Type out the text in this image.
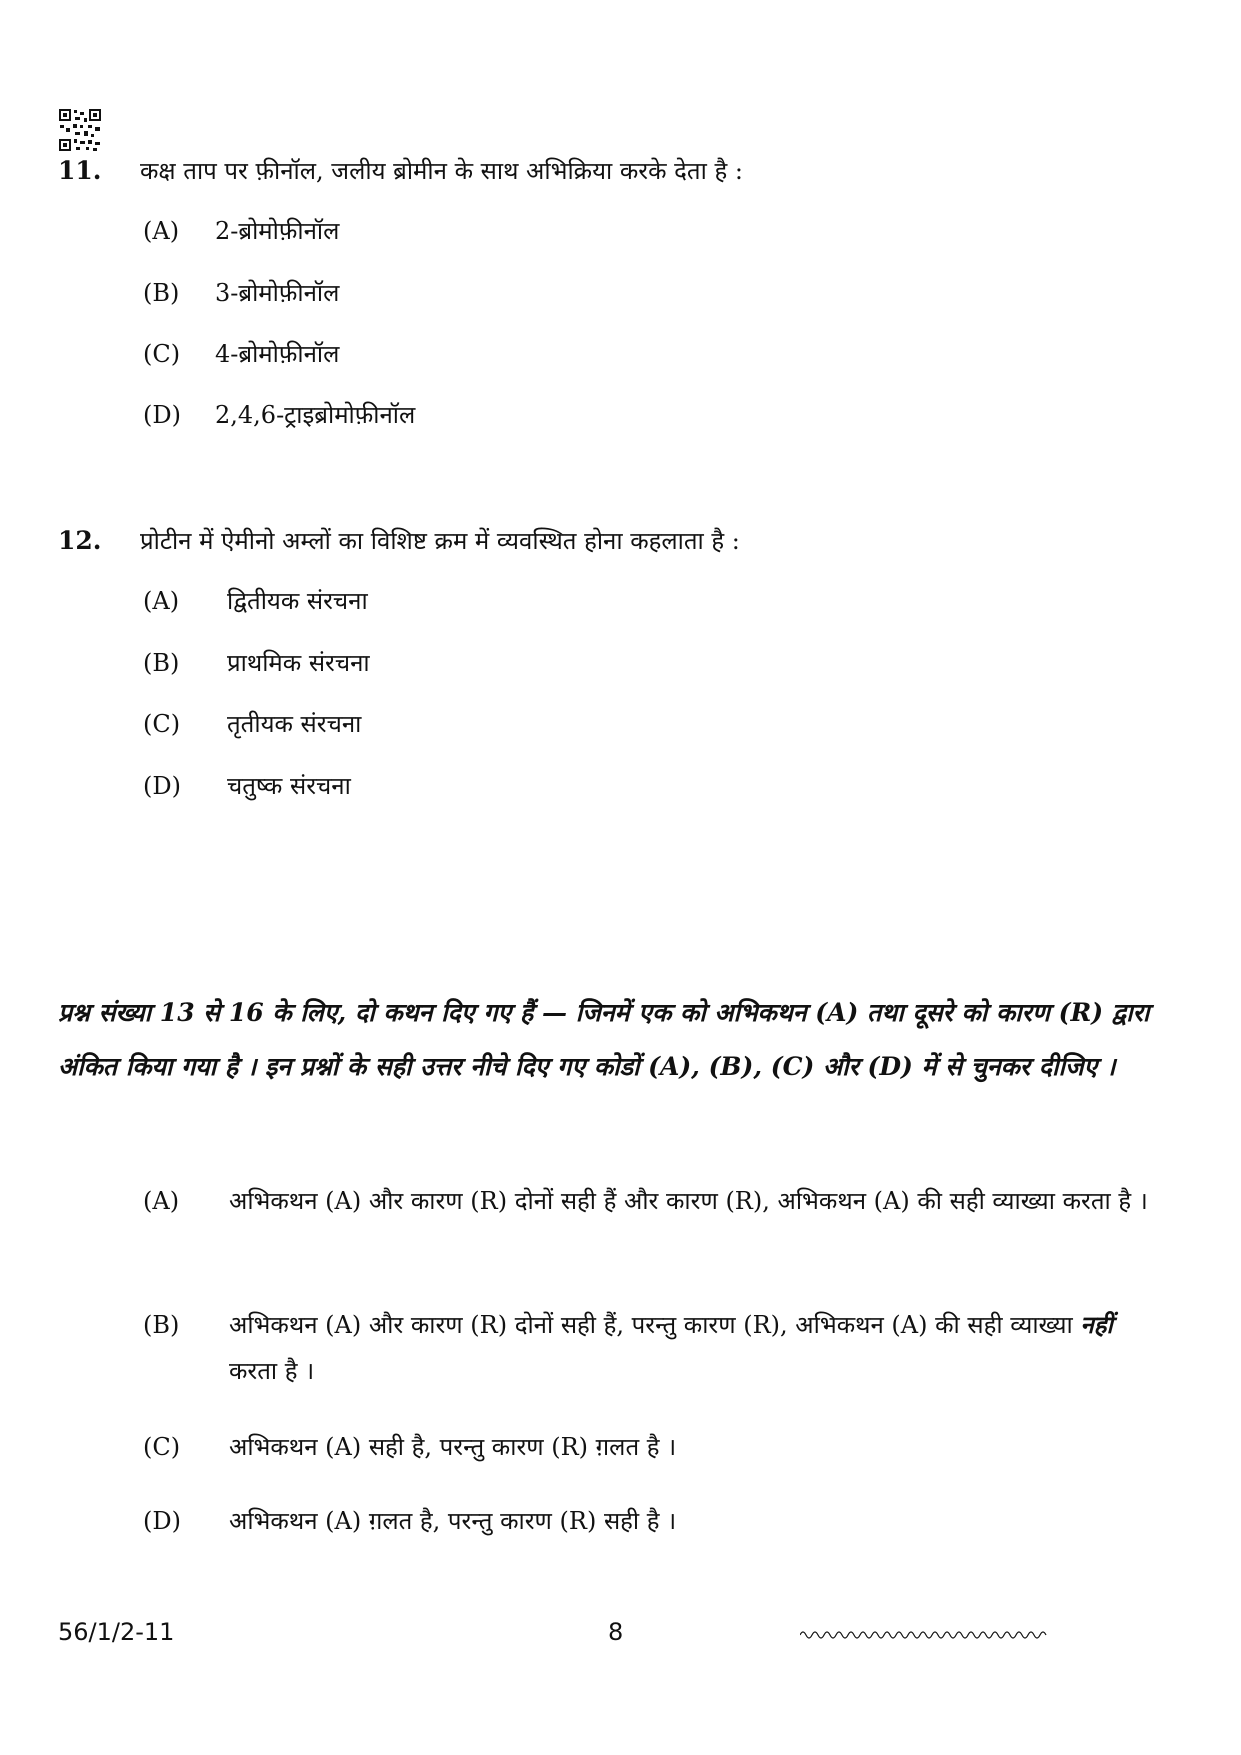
11. कक्ष ताप पर फ़ीनॉल, जलीय ब्रोमीन के साथ अभिक्रिया करके देता है :
(A) 2-ब्रोमोफ़ीनॉल
(B) 3-ब्रोमोफ़ीनॉल
(C) 4-ब्रोमोफ़ीनॉल
(D) 2,4,6-ट्राइब्रोमोफ़ीनॉल
12. प्रोटीन में ऐमीनो अम्लों का विशिष्ट क्रम में व्यवस्थित होना कहलाता है :
(A) द्वितीयक संरचना
(B) प्राथमिक संरचना
(C) तृतीयक संरचना
(D) चतुष्क संरचना
प्रश्न संख्या 13 से 16 के लिए, दो कथन दिए गए हैं — जिनमें एक को अभिकथन (A) तथा दूसरे को कारण (R) द्वारा अंकित किया गया है । इन प्रश्नों के सही उत्तर नीचे दिए गए कोडों (A), (B), (C) और (D) में से चुनकर दीजिए ।
(A) अभिकथन (A) और कारण (R) दोनों सही हैं और कारण (R), अभिकथन (A) की सही व्याख्या करता है ।
(B) अभिकथन (A) और कारण (R) दोनों सही हैं, परन्तु कारण (R), अभिकथन (A) की सही व्याख्या नहीं करता है ।
(C) अभिकथन (A) सही है, परन्तु कारण (R) ग़लत है ।
(D) अभिकथन (A) ग़लत है, परन्तु कारण (R) सही है ।
56/1/2-11	8
